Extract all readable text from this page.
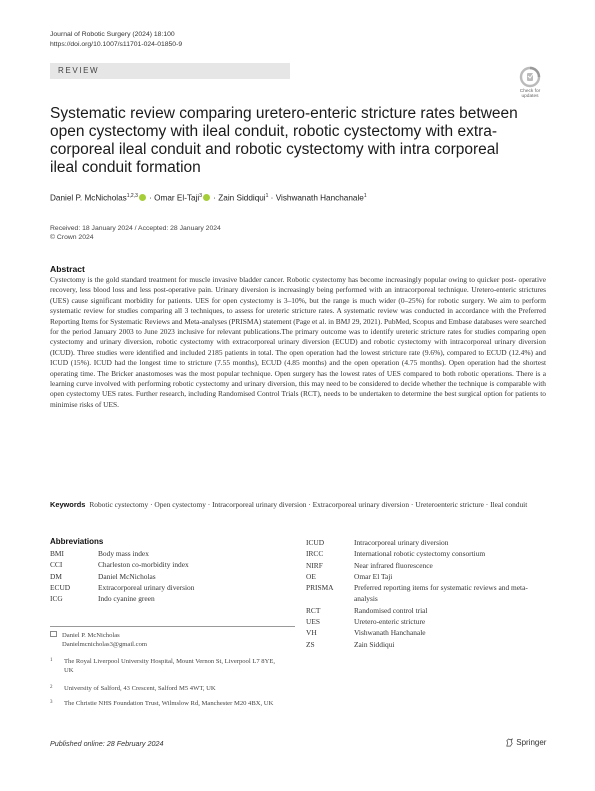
Journal of Robotic Surgery (2024) 18:100
https://doi.org/10.1007/s11701-024-01850-9
REVIEW
Check for
updates
Systematic review comparing uretero-enteric stricture rates between open cystectomy with ileal conduit, robotic cystectomy with extra-corporeal ileal conduit and robotic cystectomy with intra corporeal ileal conduit formation
Daniel P. McNicholas$^{1,2,3}$ · Omar El-Taji$^3$ · Zain Siddiqui$^1$ · Vishwanath Hanchanale$^1$
Received: 18 January 2024 / Accepted: 28 January 2024
© Crown 2024
Abstract

Cystectomy is the gold standard treatment for muscle invasive bladder cancer. Robotic cystectomy has become increasingly popular owing to quicker post- operative recovery, less blood loss and less post-operative pain. Urinary diversion is increasingly being performed with an intracorporeal technique. Uretero-enteric strictures (UES) cause significant morbidity for patients. UES for open cystectomy is 3–10%, but the range is much wider (0–25%) for robotic surgery. We aim to perform systematic review for studies comparing all 3 techniques, to assess for ureteric stricture rates. A systematic review was conducted in accordance with the Preferred Reporting Items for Systematic Reviews and Meta-analyses (PRISMA) statement (Page et al. in BMJ 29, 2021). PubMed, Scopus and Embase databases were searched for the period January 2003 to June 2023 inclusive for relevant publications.The primary outcome was to identify ureteric stricture rates for studies comparing open cystectomy and urinary diversion, robotic cystectomy with extracorporeal urinary diversion (ECUD) and robotic cystectomy with intracorporeal urinary diversion (ICUD). Three studies were identified and included 2185 patients in total. The open operation had the lowest stricture rate (9.6%), compared to ECUD (12.4%) and ICUD (15%). ICUD had the longest time to stricture (7.55 months), ECUD (4.85 months) and the open operation (4.75 months). Open operation had the shortest operating time. The Bricker anastomoses was the most popular technique. Open surgery has the lowest rates of UES compared to both robotic operations. There is a learning curve involved with performing robotic cystectomy and urinary diversion, this may need to be considered to decide whether the technique is comparable with open cystectomy UES rates. Further research, including Randomised Control Trials (RCT), needs to be undertaken to determine the best surgical option for patients to minimise risks of UES.

Keywords Robotic cystectomy · Open cystectomy · Intracorporeal urinary diversion · Extracorporeal urinary diversion · Ureteroenteric stricture · Ileal conduit
Abbreviations
BMI	Body mass index
CCI	Charleston co-morbidity index
DM	Daniel McNicholas
ECUD	Extracorporeal urinary diversion
ICG	Indo cyanine green
ICUD	Intracorporeal urinary diversion
IRCC	International robotic cystectomy consortium
NIRF	Near infrared fluorescence
OE	Omar El Taji
PRISMA	Preferred reporting items for systematic reviews and meta-analysis
RCT	Randomised control trial
UES	Uretero-enteric stricture
VH	Vishwanath Hanchanale
ZS	Zain Siddiqui
Daniel P. McNicholas
Danielmcnicholas3@gmail.com
1 The Royal Liverpool University Hospital, Mount Vernon St, Liverpool L7 8YE, UK
2 University of Salford, 43 Crescent, Salford M5 4WT, UK
3 The Christie NHS Foundation Trust, Wilmslow Rd, Manchester M20 4BX, UK
Published online: 28 February 2024	Springer
